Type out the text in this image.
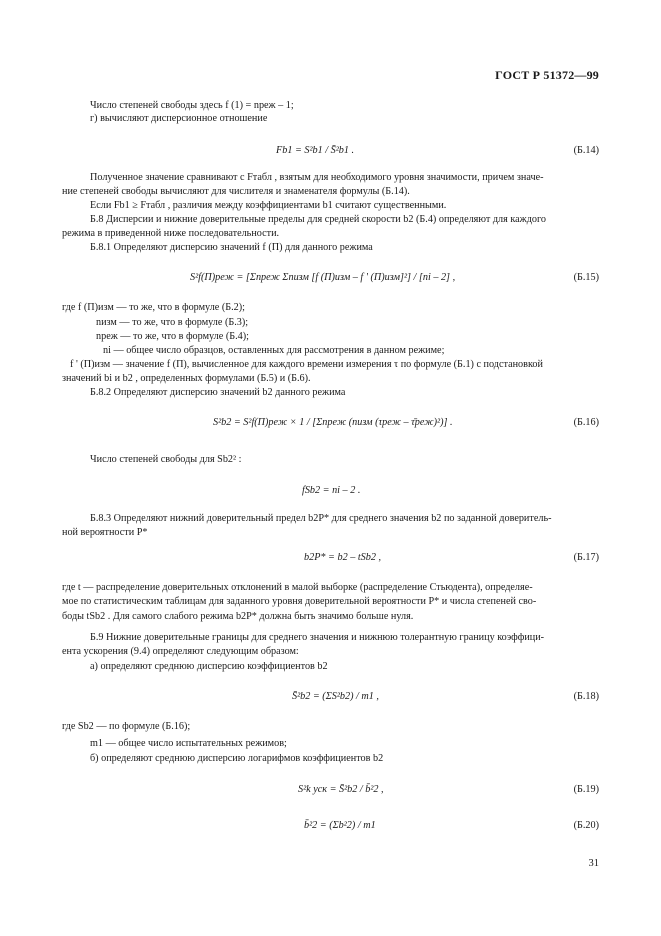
ГОСТ Р 51372—99
Число степеней свободы здесь f (1) = nреж – 1;
г) вычисляют дисперсионное отношение
Fb1 = S²b1 / S̄²b1 .	(Б.14)
Полученное значение сравнивают с Fтабл , взятым для необходимого уровня значимости, причем значе-
ние степеней свободы вычисляют для числителя и знаменателя формулы (Б.14).
Если Fb1 ≥ Fтабл , различия между коэффициентами b1 считают существенными.
Б.8 Дисперсии и нижние доверительные пределы для средней скорости b2 (Б.4) определяют для каждого
режима в приведенной ниже последовательности.
Б.8.1 Определяют дисперсию значений f (П) для данного режима
S²f(П)реж = [Σnреж Σnизм [f (П)изм – f ' (П)изм]²] / [ni – 2] ,	(Б.15)
где f (П)изм — то же, что в формуле (Б.2);
nизм — то же, что в формуле (Б.3);
nреж — то же, что в формуле (Б.4);
ni — общее число образцов, оставленных для рассмотрения в данном режиме;
f ' (П)изм — значение f (П), вычисленное для каждого времени измерения τ по формуле (Б.1) с подстановкой
значений bi и b2 , определенных формулами (Б.5) и (Б.6).
Б.8.2 Определяют дисперсию значений b2 данного режима
S²b2 = S²f(П)реж × 1 / [Σnреж (nизм (τреж – τ̄реж)²)] .	(Б.16)
Число степеней свободы для Sb2² :
fSb2 = ni – 2 .
Б.8.3 Определяют нижний доверительный предел b2P* для среднего значения b2 по заданной доверитель-
ной вероятности P*
b2P* = b2 – tSb2 ,	(Б.17)
где t — распределение доверительных отклонений в малой выборке (распределение Стьюдента), определяе-
мое по статистическим таблицам для заданного уровня доверительной вероятности P* и числа степеней сво-
боды tSb2 . Для самого слабого режима b2P* должна быть значимо больше нуля.
Б.9 Нижние доверительные границы для среднего значения и нижнюю толерантную границу коэффици-
ента ускорения (9.4) определяют следующим образом:
а) определяют среднюю дисперсию коэффициентов b2
S̄²b2 = (ΣS²b2) / m1 ,	(Б.18)
где Sb2 — по формуле (Б.16);
m1 — общее число испытательных режимов;
б) определяют среднюю дисперсию логарифмов коэффициентов b2
S²k уск = S̄²b2 / b̄²2 ,	(Б.19)
b̄²2 = (Σb²2) / m1	(Б.20)
31
